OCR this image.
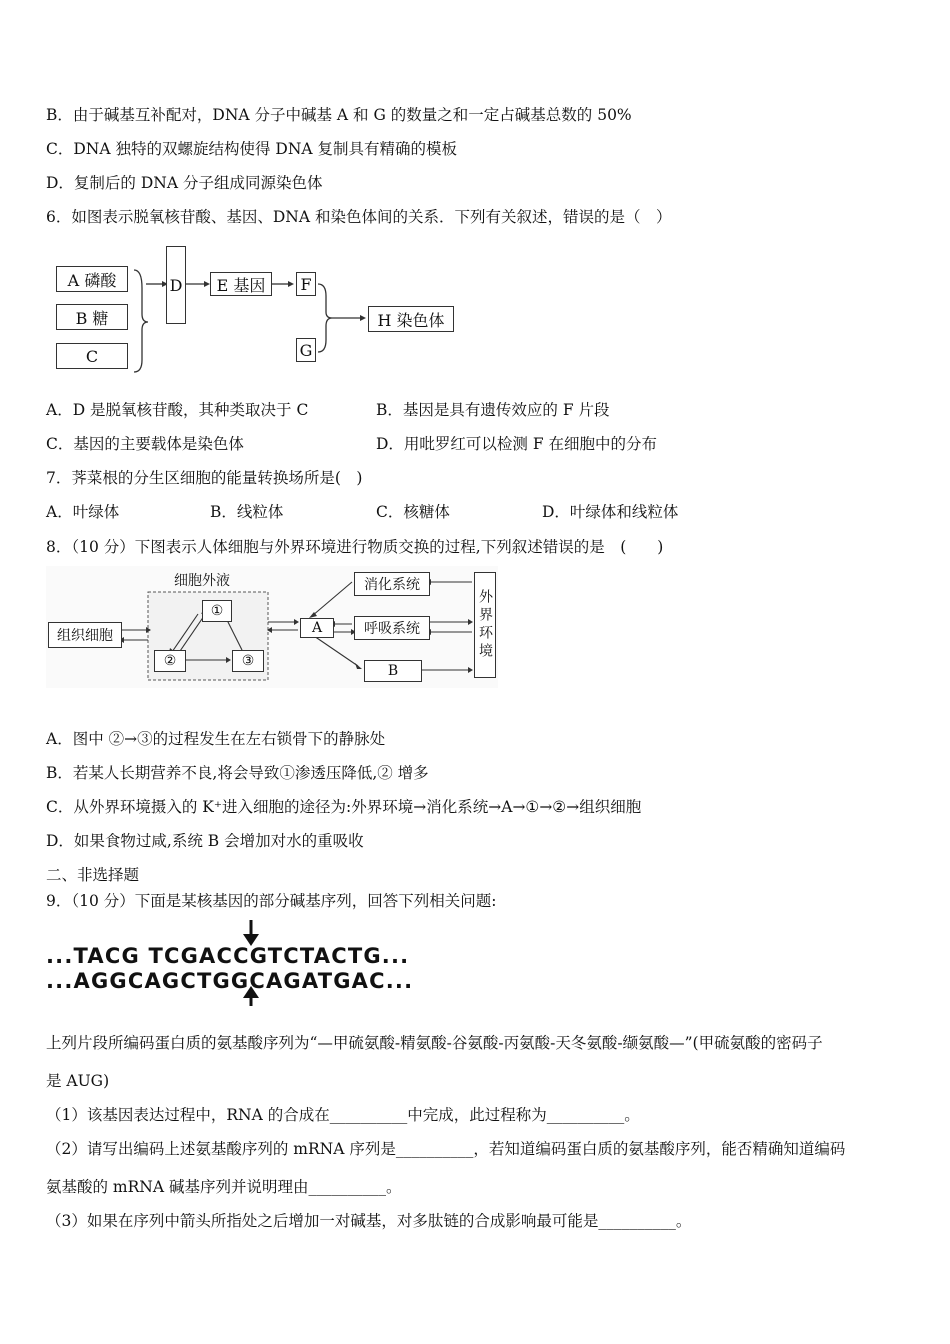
B．由于碱基互补配对，DNA 分子中碱基 A 和 G 的数量之和一定占碱基总数的 50%
C．DNA 独特的双螺旋结构使得 DNA 复制具有精确的模板
D．复制后的 DNA 分子组成同源染色体
6．如图表示脱氧核苷酸、基因、DNA 和染色体间的关系．下列有关叙述，错误的是（　）
A 磷酸
B 糖
C
D	E 基因	F
G
H 染色体
A．D 是脱氧核苷酸，其种类取决于 C	B．基因是具有遗传效应的 F 片段
C．基因的主要载体是染色体	D．用吡罗红可以检测 F 在细胞中的分布
7．荠菜根的分生区细胞的能量转换场所是(　)
A．叶绿体	B．线粒体	C．核糖体	D．叶绿体和线粒体
8．（10 分）下图表示人体细胞与外界环境进行物质交换的过程,下列叙述错误的是　(　　)
细胞外液
组织细胞
①
②	③
A
消化系统
呼吸系统
B
外界环境
A．图中 ②→③的过程发生在左右锁骨下的静脉处
B．若某人长期营养不良,将会导致①渗透压降低,② 增多
C．从外界环境摄入的 K⁺进入细胞的途径为:外界环境→消化系统→A→①→②→组织细胞
D．如果食物过咸,系统 B 会增加对水的重吸收
二、非选择题
9．（10 分）下面是某核基因的部分碱基序列，回答下列相关问题:
...TACG TCGACCGTCTACTG...
...AGGCAGCTGGCAGATGAC...
上列片段所编码蛋白质的氨基酸序列为“—甲硫氨酸-精氨酸-谷氨酸-丙氨酸-天冬氨酸-缬氨酸—”(甲硫氨酸的密码子
是 AUG)
（1）该基因表达过程中，RNA 的合成在__________中完成，此过程称为__________。
（2）请写出编码上述氨基酸序列的 mRNA 序列是__________，若知道编码蛋白质的氨基酸序列，能否精确知道编码
氨基酸的 mRNA 碱基序列并说明理由__________。
（3）如果在序列中箭头所指处之后增加一对碱基，对多肽链的合成影响最可能是__________。
